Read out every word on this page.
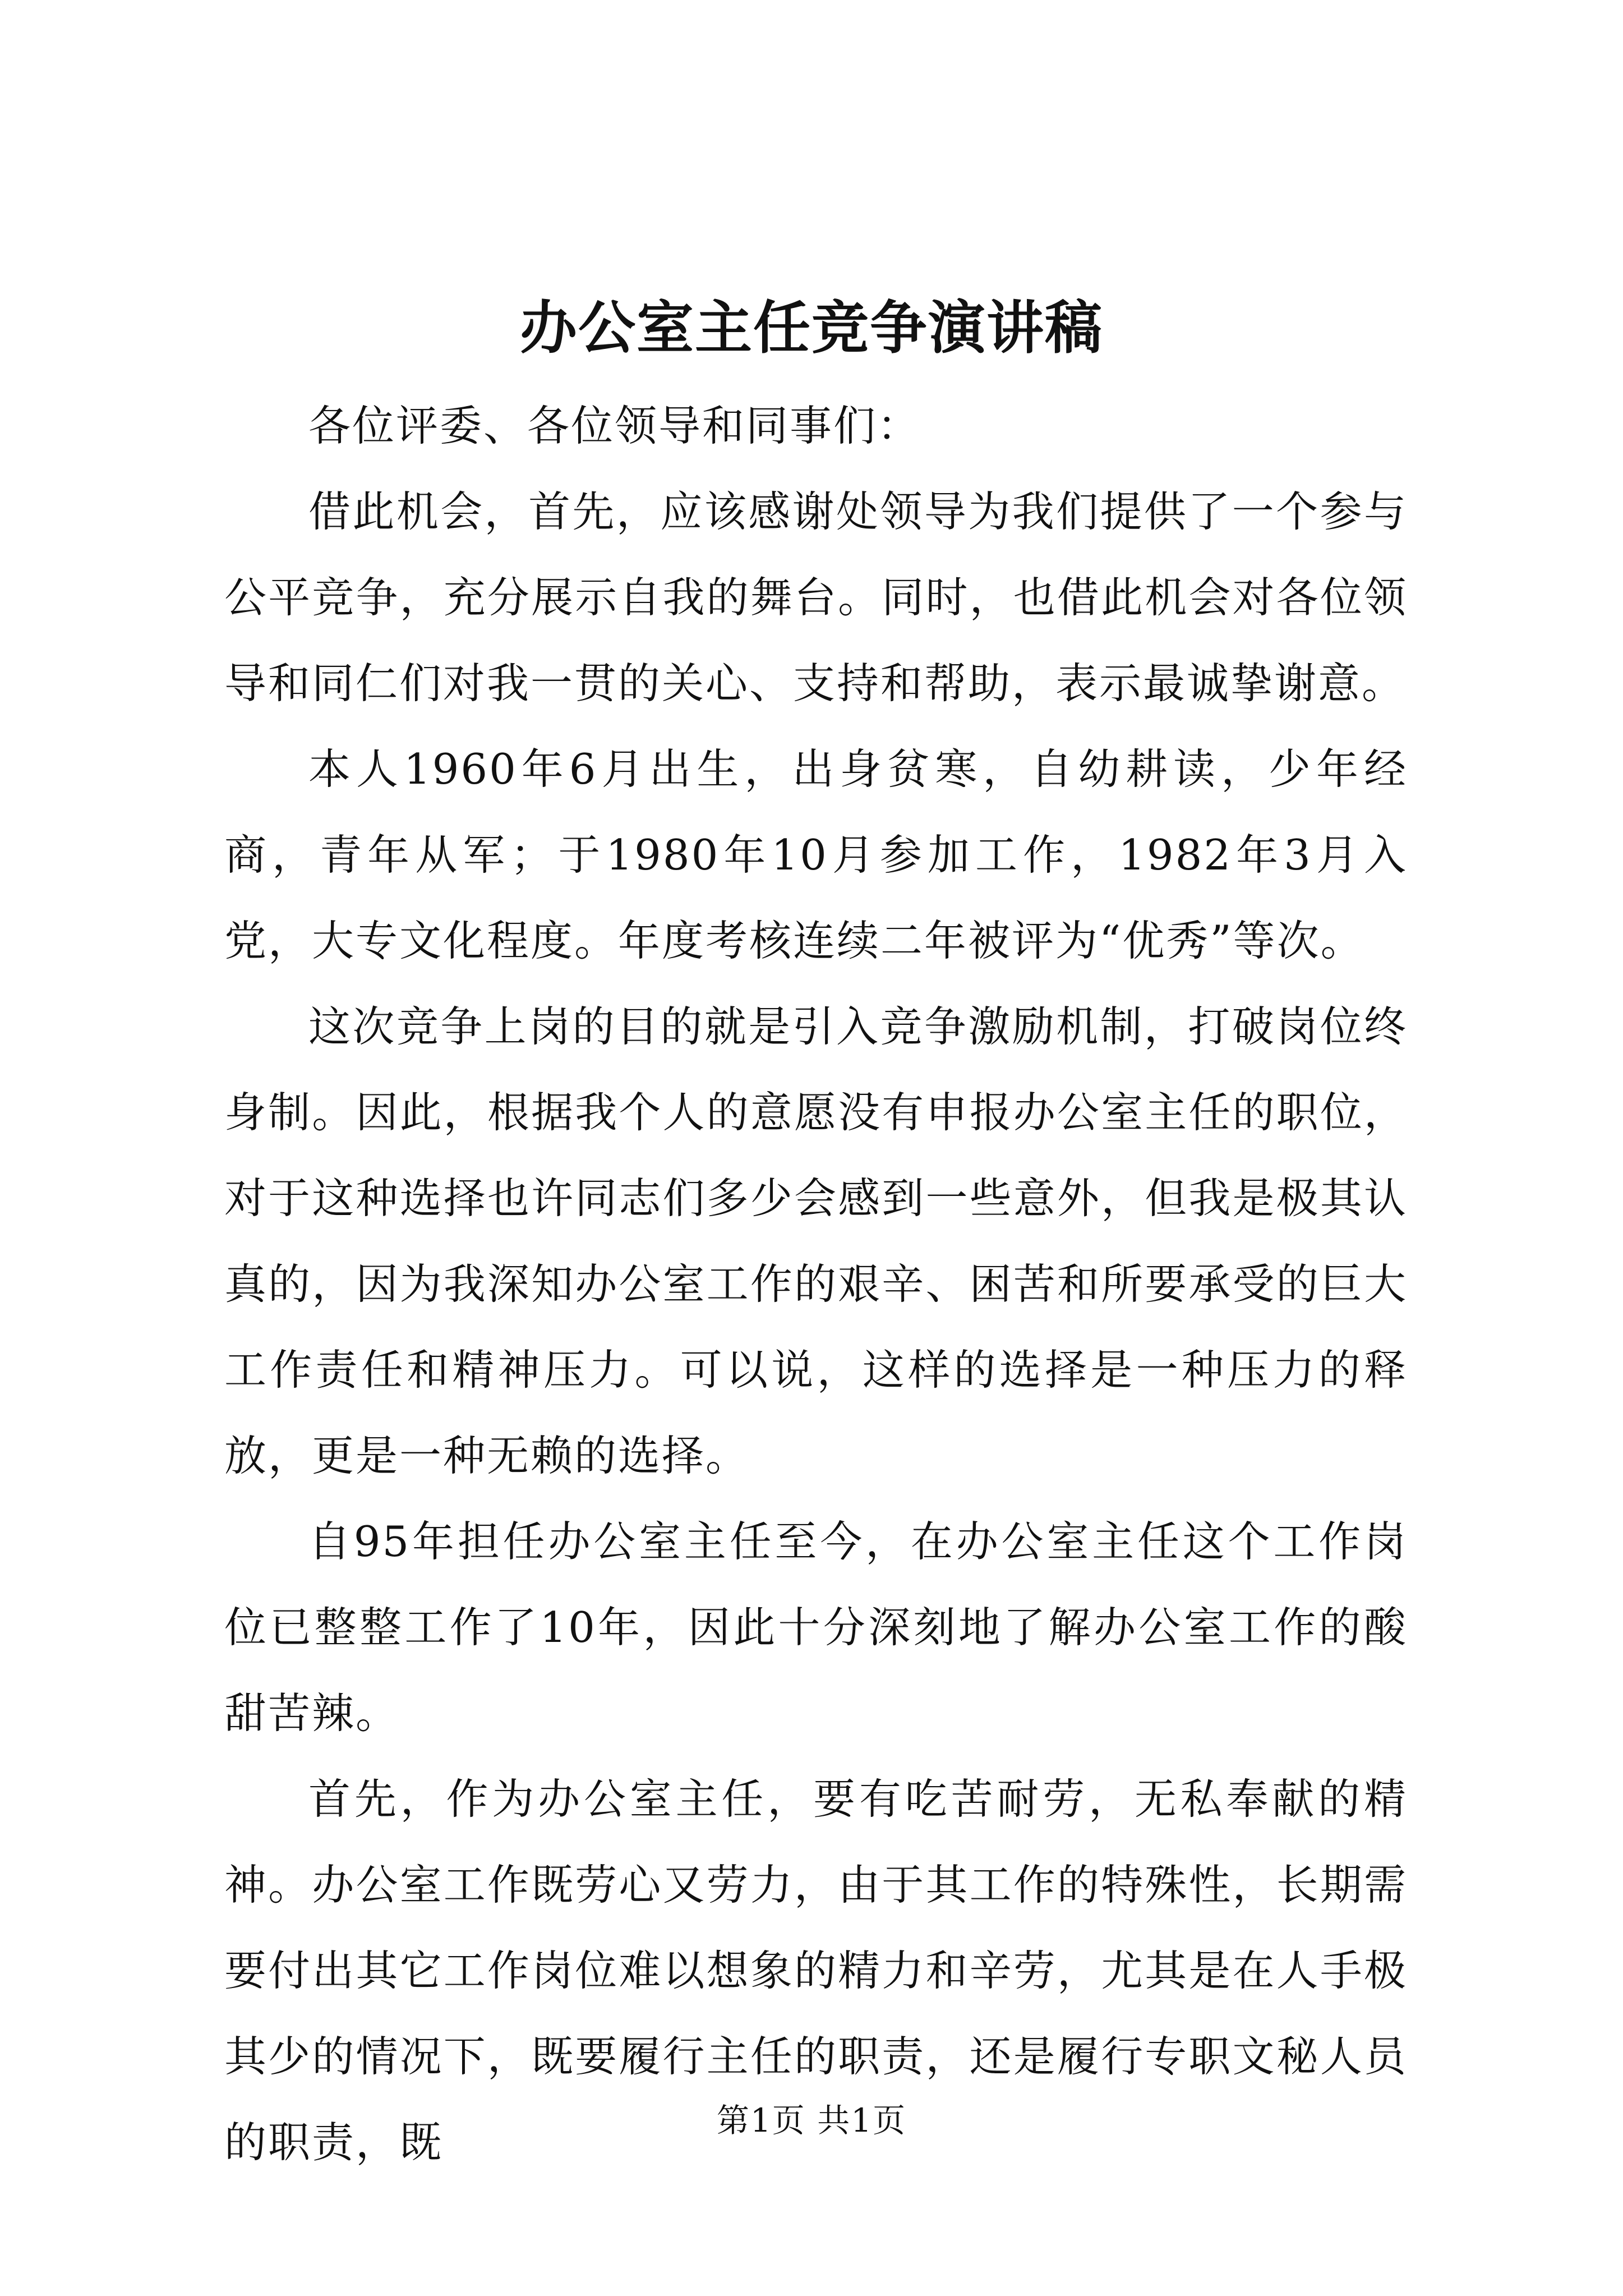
办公室主任竞争演讲稿

各位评委、各位领导和同事们：

借此机会，首先，应该感谢处领导为我们提供了一个参与公平竞争，充分展示自我的舞台。同时，也借此机会对各位领导和同仁们对我一贯的关心、支持和帮助，表示最诚挚谢意。

本人1960年6月出生，出身贫寒，自幼耕读，少年经商，青年从军；于1980年10月参加工作，1982年3月入党，大专文化程度。年度考核连续二年被评为“优秀”等次。

这次竞争上岗的目的就是引入竞争激励机制，打破岗位终身制。因此，根据我个人的意愿没有申报办公室主任的职位，对于这种选择也许同志们多少会感到一些意外，但我是极其认真的，因为我深知办公室工作的艰辛、困苦和所要承受的巨大工作责任和精神压力。可以说，这样的选择是一种压力的释放，更是一种无赖的选择。

自95年担任办公室主任至今，在办公室主任这个工作岗位已整整工作了10年，因此十分深刻地了解办公室工作的酸甜苦辣。

首先，作为办公室主任，要有吃苦耐劳，无私奉献的精神。办公室工作既劳心又劳力，由于其工作的特殊性，长期需要付出其它工作岗位难以想象的精力和辛劳，尤其是在人手极其少的情况下，既要履行主任的职责，还是履行专职文秘人员的职责，既	第1页 共1页
